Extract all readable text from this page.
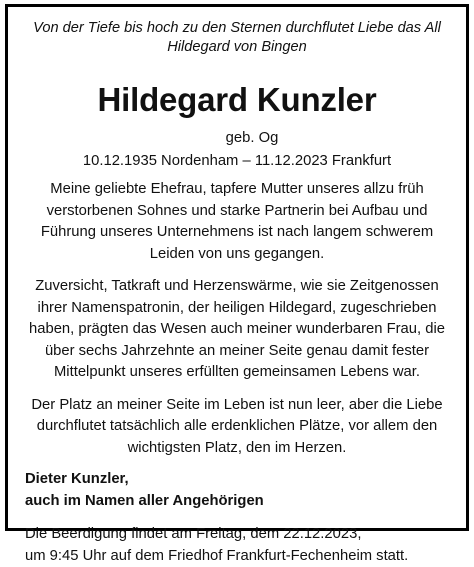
Von der Tiefe bis hoch zu den Sternen durchflutet Liebe das All
Hildegard von Bingen

Hildegard Kunzler
geb. Og
10.12.1935 Nordenham – 11.12.2023 Frankfurt

Meine geliebte Ehefrau, tapfere Mutter unseres allzu früh
verstorbenen Sohnes und starke Partnerin bei Aufbau und
Führung unseres Unternehmens ist nach langem schwerem
Leiden von uns gegangen.

Zuversicht, Tatkraft und Herzenswärme, wie sie Zeitgenossen
ihrer Namenspatronin, der heiligen Hildegard, zugeschrieben
haben, prägten das Wesen auch meiner wunderbaren Frau, die
über sechs Jahrzehnte an meiner Seite genau damit fester
Mittelpunkt unseres erfüllten gemeinsamen Lebens war.

Der Platz an meiner Seite im Leben ist nun leer, aber die Liebe
durchflutet tatsächlich alle erdenklichen Plätze, vor allem den
wichtigsten Platz, den im Herzen.

Dieter Kunzler,
auch im Namen aller Angehörigen

Die Beerdigung findet am Freitag, dem 22.12.2023,
um 9:45 Uhr auf dem Friedhof Frankfurt-Fechenheim statt.
